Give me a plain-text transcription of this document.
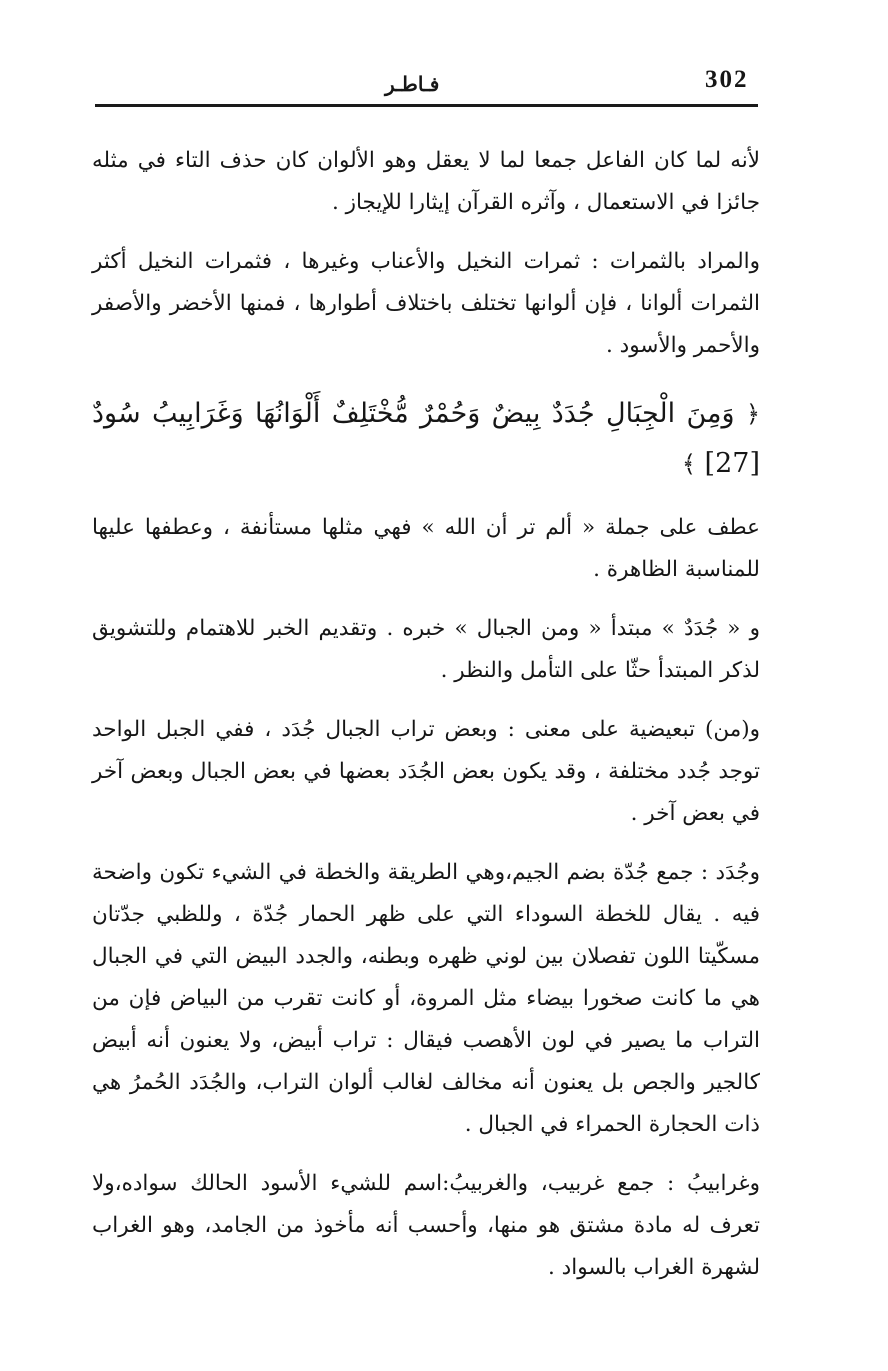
302
فـاطـر

لأنه لما كان الفاعل جمعا لما لا يعقل وهو الألوان كان حذف التاء في مثله جائزا في الاستعمال ، وآثره القرآن إيثارا للإيجاز .

والمراد بالثمرات : ثمرات النخيل والأعناب وغيرها ، فثمرات النخيل أكثر الثمرات ألوانا ، فإن ألوانها تختلف باختلاف أطوارها ، فمنها الأخضر والأصفر والأحمر والأسود .

﴿ وَمِنَ الْجِبَالِ جُدَدٌ بِيضٌ وَحُمْرٌ مُّخْتَلِفٌ أَلْوَانُهَا وَغَرَابِيبُ سُودٌ [27] ﴾

عطف على جملة « ألم تر أن الله » فهي مثلها مستأنفة ، وعطفها عليها للمناسبة الظاهرة .

و « جُدَدٌ » مبتدأ « ومن الجبال » خبره . وتقديم الخبر للاهتمام وللتشويق لذكر المبتدأ حثّا على التأمل والنظر .

و(من) تبعيضية على معنى : وبعض تراب الجبال جُدَد ، ففي الجبل الواحد توجد جُدد مختلفة ، وقد يكون بعض الجُدَد بعضها في بعض الجبال وبعض آخر في بعض آخر .

وجُدَد : جمع جُدّة بضم الجيم،وهي الطريقة والخطة في الشيء تكون واضحة فيه . يقال للخطة السوداء التي على ظهر الحمار جُدّة ، وللظبي جدّتان مسكّيتا اللون تفصلان بين لوني ظهره وبطنه، والجدد البيض التي في الجبال هي ما كانت صخورا بيضاء مثل المروة، أو كانت تقرب من البياض فإن من التراب ما يصير في لون الأهصب فيقال : تراب أبيض، ولا يعنون أنه أبيض كالجير والجص بل يعنون أنه مخالف لغالب ألوان التراب، والجُدَد الحُمرُ هي ذات الحجارة الحمراء في الجبال .

وغرابيبُ : جمع غربيب، والغربيبُ:اسم للشيء الأسود الحالك سواده،ولا تعرف له مادة مشتق هو منها، وأحسب أنه مأخوذ من الجامد، وهو الغراب لشهرة الغراب بالسواد .
